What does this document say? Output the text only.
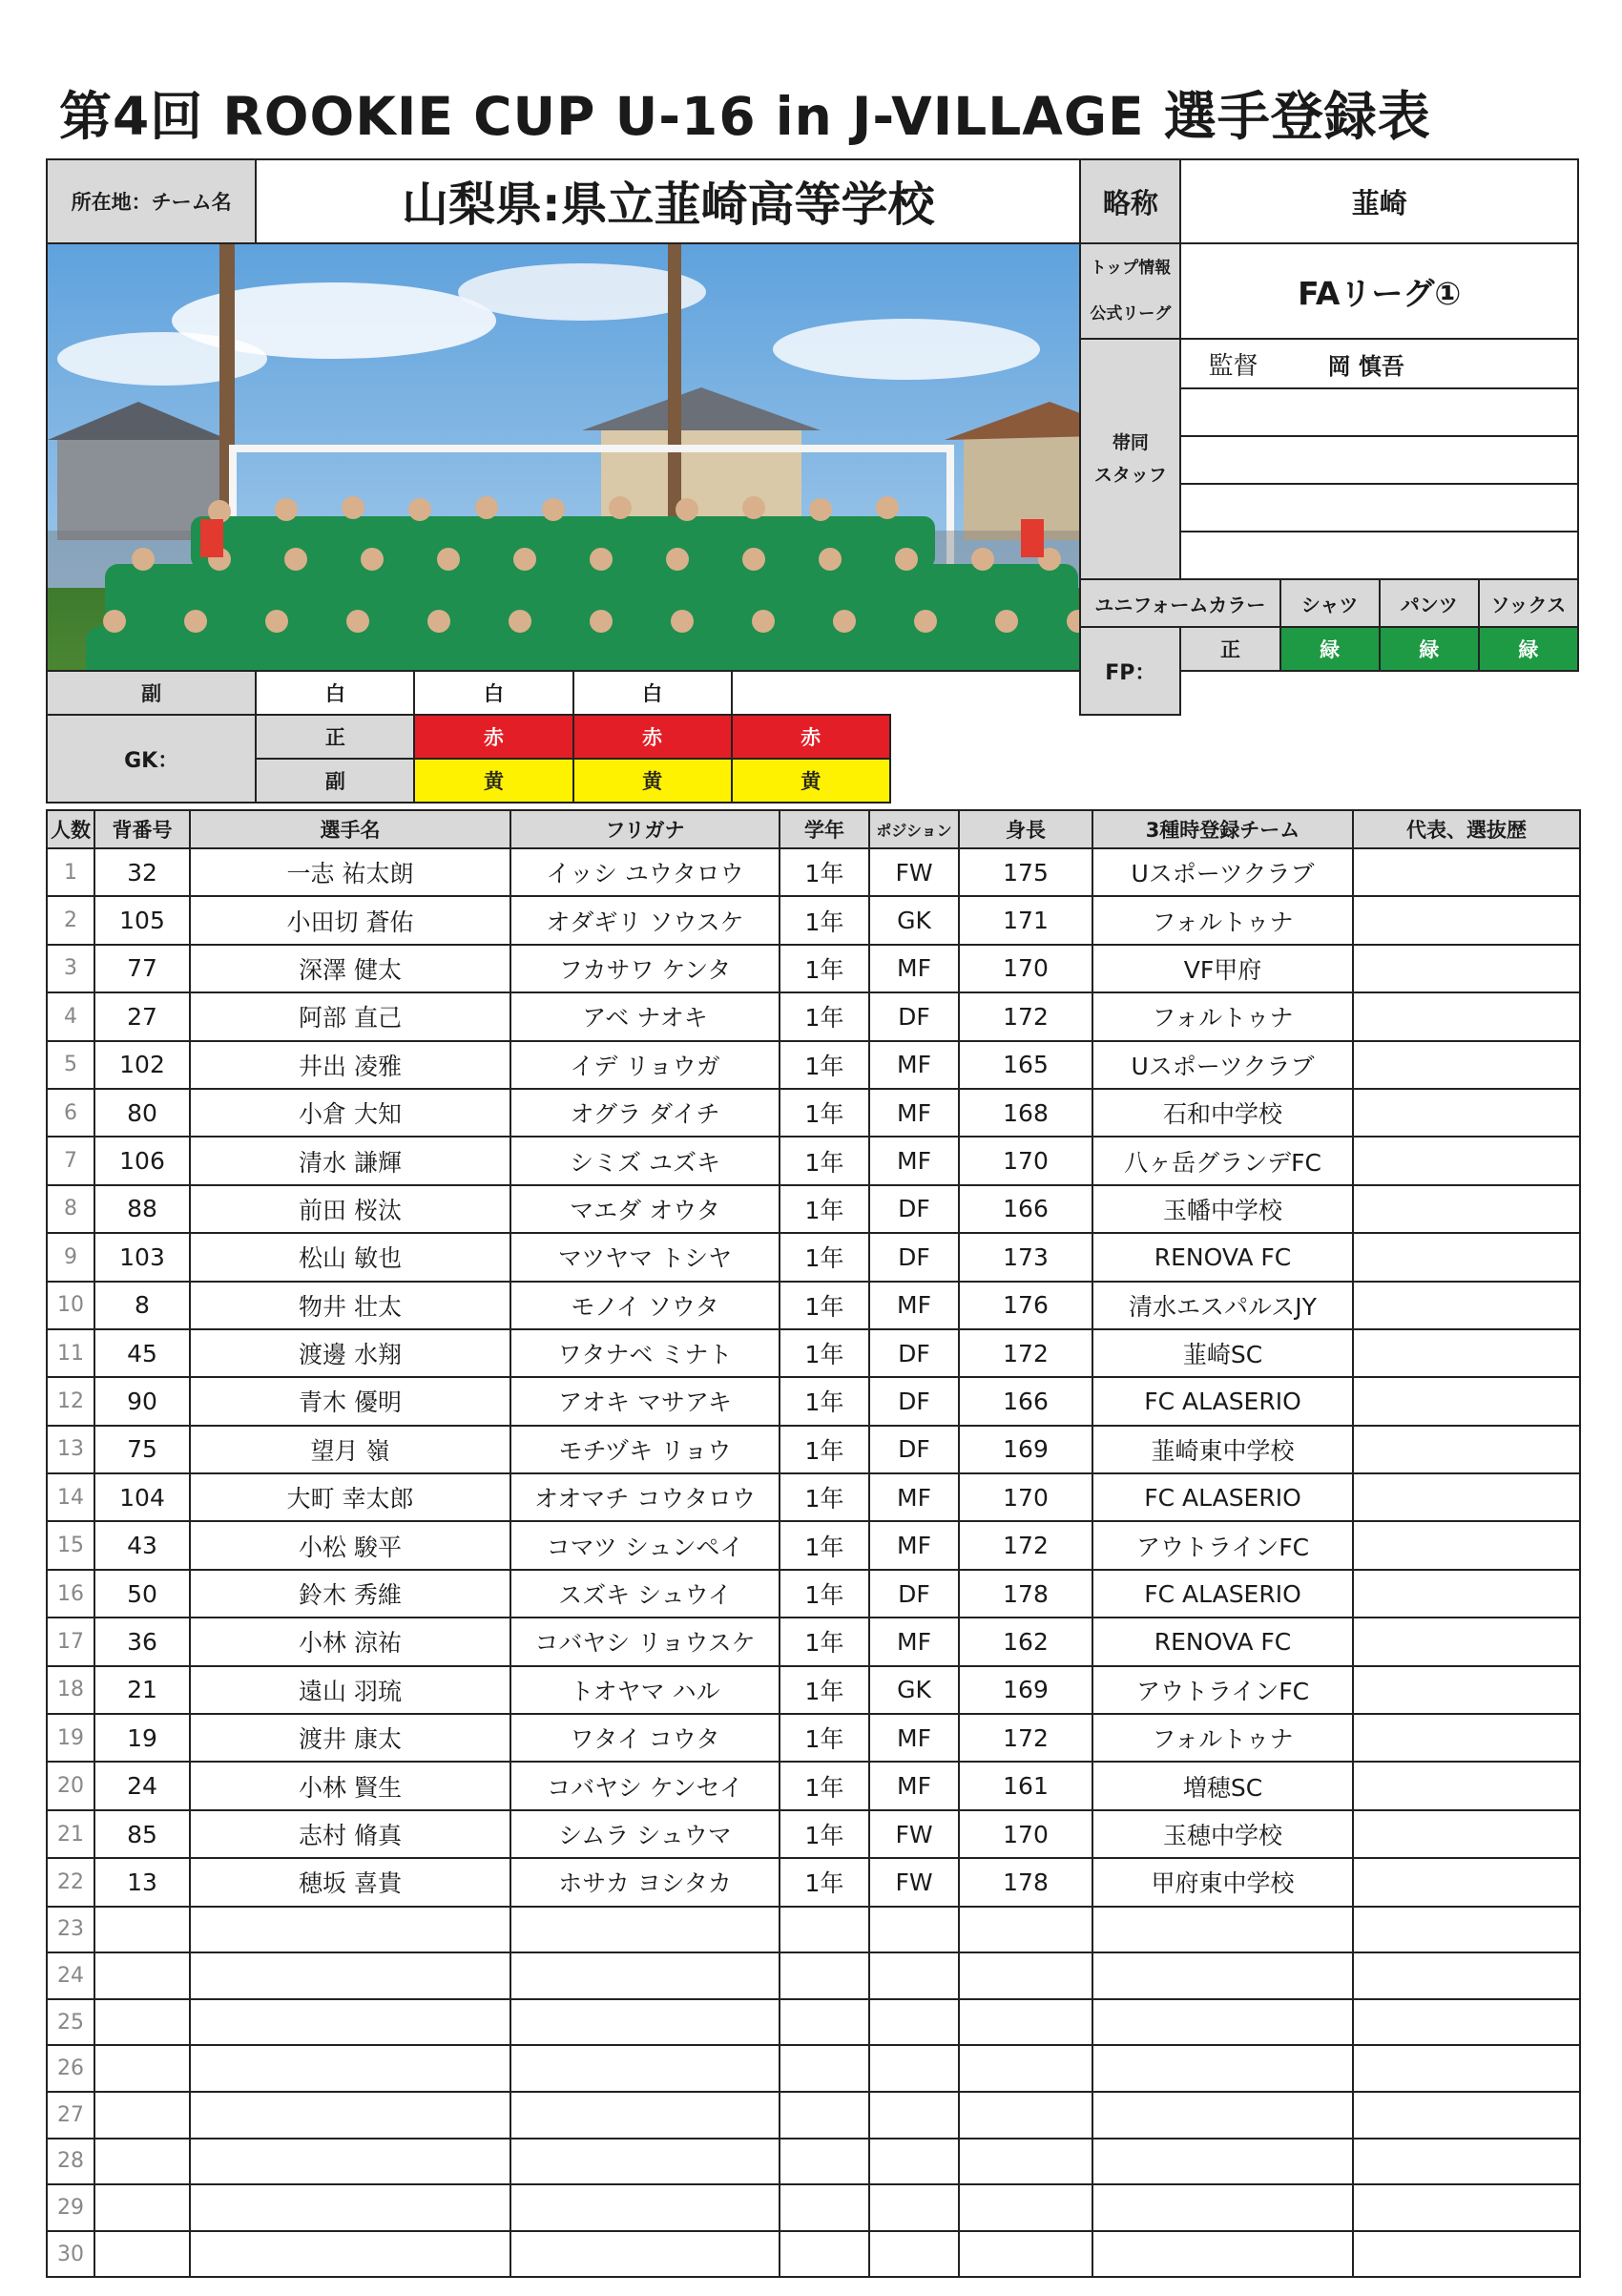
第4回 ROOKIE CUP U-16 in J-VILLAGE 選手登録表
所在地：チーム名	山梨県:県立韮崎高等学校				略称	韮崎			

トップ情報
公式リーグ	FAリーグ①			

					帯同
スタッフ	監督	岡 慎吾		

					ユニフォームカラー		シャツ	パンツ	ソックス
					FP：	正	緑	緑	緑
副	白	白	白						
GK：	正	赤	赤	赤					
	副	黄	黄	黄					
人数	背番号	選手名	フリガナ	学年	ポジション	身長	3種時登録チーム	代表、選抜歴
1	32	一志 祐太朗	イッシ ユウタロウ	1年	FW	175	Uスポーツクラブ	
2	105	小田切 蒼佑	オダギリ ソウスケ	1年	GK	171	フォルトゥナ	
3	77	深澤 健太	フカサワ ケンタ	1年	MF	170	VF甲府	
4	27	阿部 直己	アベ ナオキ	1年	DF	172	フォルトゥナ	
5	102	井出 凌雅	イデ リョウガ	1年	MF	165	Uスポーツクラブ	
6	80	小倉 大知	オグラ ダイチ	1年	MF	168	石和中学校	
7	106	清水 謙輝	シミズ ユズキ	1年	MF	170	八ヶ岳グランデFC	
8	88	前田 桜汰	マエダ オウタ	1年	DF	166	玉幡中学校	
9	103	松山 敏也	マツヤマ トシヤ	1年	DF	173	RENOVA FC	
10	8	物井 壮太	モノイ ソウタ	1年	MF	176	清水エスパルスJY	
11	45	渡邊 水翔	ワタナベ ミナト	1年	DF	172	韮崎SC	
12	90	青木 優明	アオキ マサアキ	1年	DF	166	FC ALASERIO	
13	75	望月 嶺	モチヅキ リョウ	1年	DF	169	韮崎東中学校	
14	104	大町 幸太郎	オオマチ コウタロウ	1年	MF	170	FC ALASERIO	
15	43	小松 駿平	コマツ シュンペイ	1年	MF	172	アウトラインFC	
16	50	鈴木 秀維	スズキ シュウイ	1年	DF	178	FC ALASERIO	
17	36	小林 涼祐	コバヤシ リョウスケ	1年	MF	162	RENOVA FC	
18	21	遠山 羽琉	トオヤマ ハル	1年	GK	169	アウトラインFC	
19	19	渡井 康太	ワタイ コウタ	1年	MF	172	フォルトゥナ	
20	24	小林 賢生	コバヤシ ケンセイ	1年	MF	161	増穂SC	
21	85	志村 脩真	シムラ シュウマ	1年	FW	170	玉穂中学校	
22	13	穂坂 喜貴	ホサカ ヨシタカ	1年	FW	178	甲府東中学校	
23								
24								
25								
26								
27								
28								
29								
30								
